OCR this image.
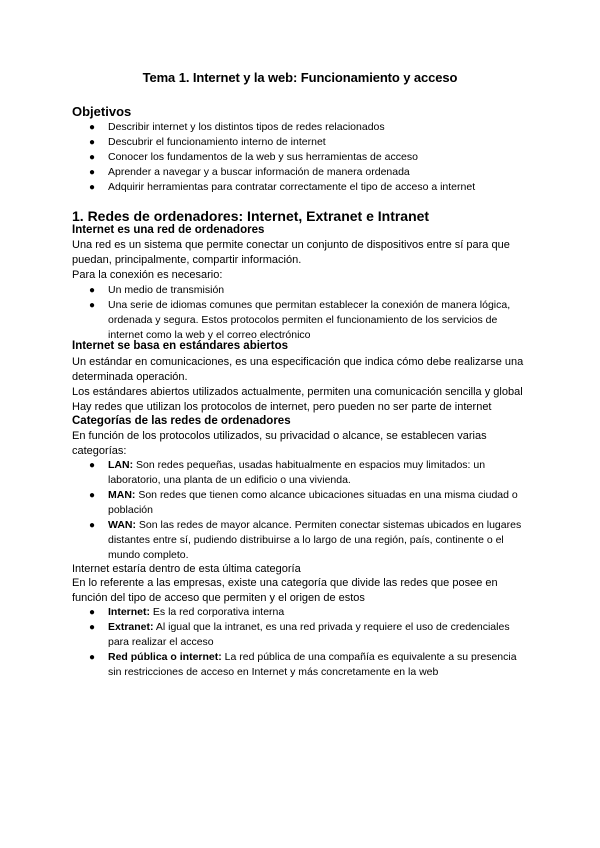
Tema 1. Internet y la web: Funcionamiento y acceso
Objetivos
● Describir internet y los distintos tipos de redes relacionados
● Descubrir el funcionamiento interno de internet
● Conocer los fundamentos de la web y sus herramientas de acceso
● Aprender a navegar y a buscar información de manera ordenada
● Adquirir herramientas para contratar correctamente el tipo de acceso a internet
1. Redes de ordenadores: Internet, Extranet e Intranet
Internet es una red de ordenadores
Una red es un sistema que permite conectar un conjunto de dispositivos entre sí para que puedan, principalmente, compartir información.
Para la conexión es necesario:
● Un medio de transmisión
● Una serie de idiomas comunes que permitan establecer la conexión de manera lógica, ordenada y segura. Estos protocolos permiten el funcionamiento de los servicios de internet como la web y el correo electrónico
Internet se basa en estándares abiertos
Un estándar en comunicaciones, es una especificación que indica cómo debe realizarse una determinada operación.
Los estándares abiertos utilizados actualmente, permiten una comunicación sencilla y global
Hay redes que utilizan los protocolos de internet, pero pueden no ser parte de internet
Categorías de las redes de ordenadores
En función de los protocolos utilizados, su privacidad o alcance, se establecen varias categorías:
● LAN: Son redes pequeñas, usadas habitualmente en espacios muy limitados: un laboratorio, una planta de un edificio o una vivienda.
● MAN: Son redes que tienen como alcance ubicaciones situadas en una misma ciudad o población
● WAN: Son las redes de mayor alcance. Permiten conectar sistemas ubicados en lugares distantes entre sí, pudiendo distribuirse a lo largo de una región, país, continente o el mundo completo.
Internet estaría dentro de esta última categoría
En lo referente a las empresas, existe una categoría que divide las redes que posee en función del tipo de acceso que permiten y el origen de estos
● Internet: Es la red corporativa interna
● Extranet: Al igual que la intranet, es una red privada y requiere el uso de credenciales para realizar el acceso
● Red pública o internet: La red pública de una compañía es equivalente a su presencia sin restricciones de acceso en Internet y más concretamente en la web
